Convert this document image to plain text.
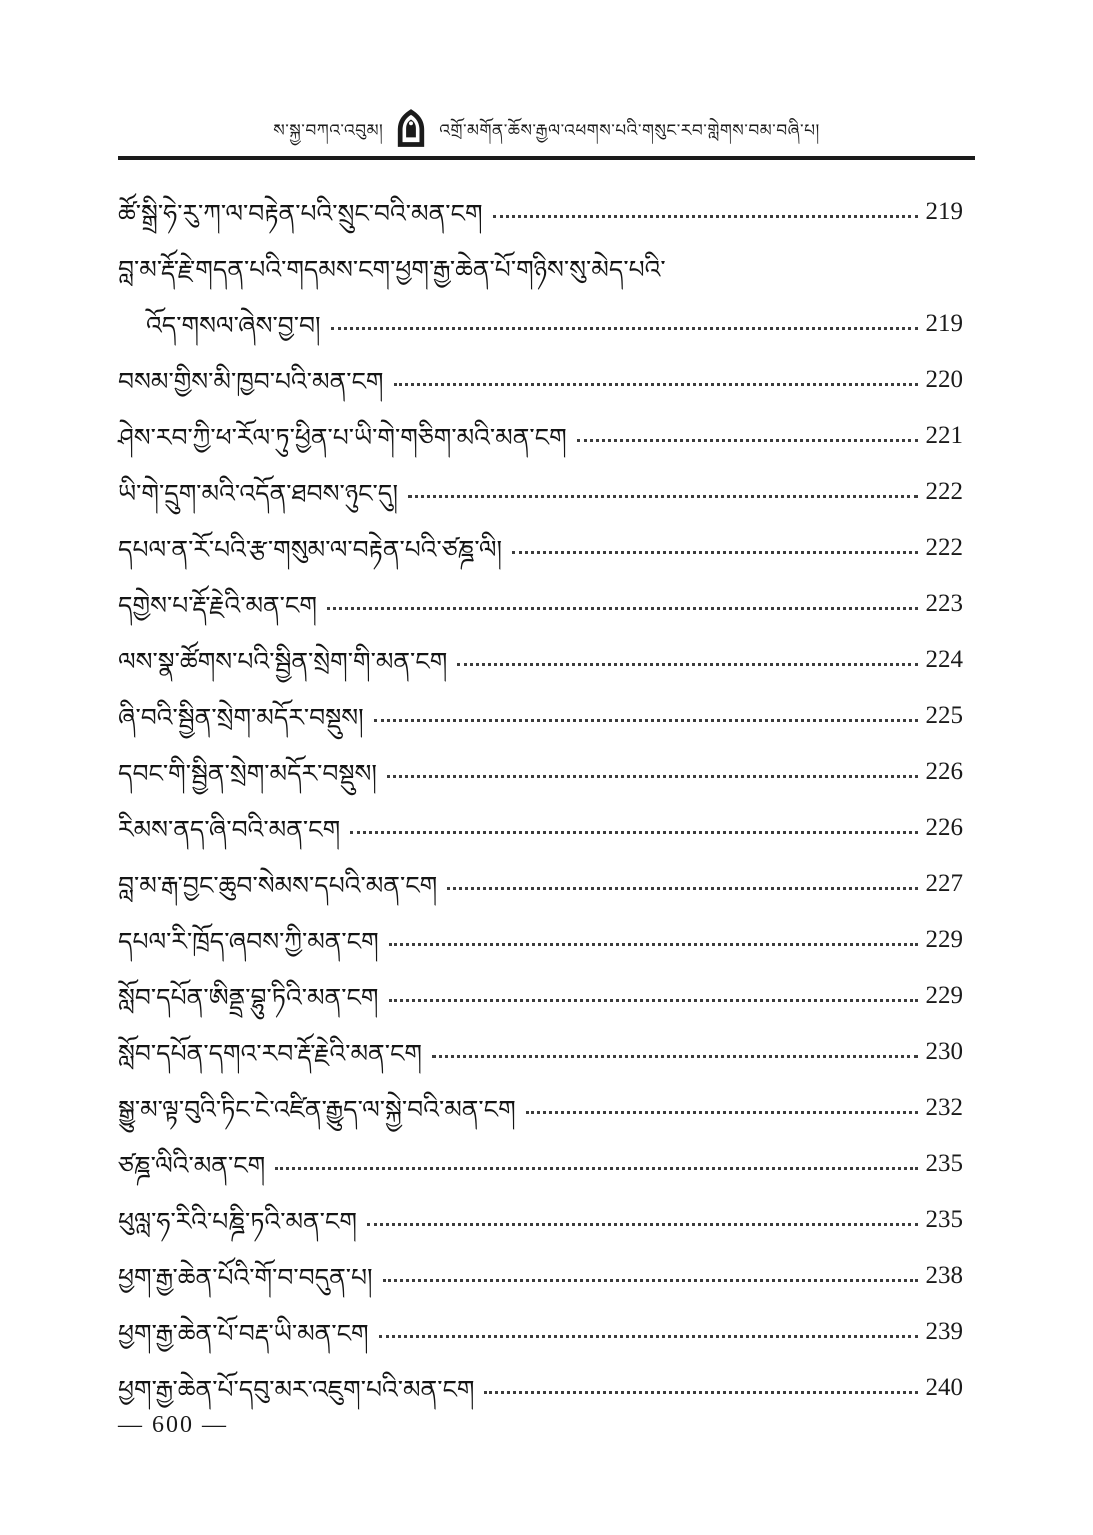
ས་སྐྱ་བཀའ་འབུམ།	འགྲོ་མགོན་ཆོས་རྒྱལ་འཕགས་པའི་གསུང་རབ་གླེགས་བམ་བཞི་པ།
ཚོ་སྒྲི་ཧེ་རུ་ཀ་ལ་བརྟེན་པའི་སྲུང་བའི་མན་ངག	219
བླ་མ་རྡོ་རྗེ་གདན་པའི་གདམས་ངག་ཕྱག་རྒྱ་ཆེན་པོ་གཉིས་སུ་མེད་པའི་
འོད་གསལ་ཞེས་བྱ་བ།	219
བསམ་གྱིས་མི་ཁྱབ་པའི་མན་ངག	220
ཤེས་རབ་ཀྱི་ཕ་རོལ་ཏུ་ཕྱིན་པ་ཡི་གེ་གཅིག་མའི་མན་ངག	221
ཡི་གེ་དྲུག་མའི་འདོན་ཐབས་ཉུང་དུ།	222
དཔལ་ན་རོ་པའི་རྩ་གསུམ་ལ་བརྟེན་པའི་ཙཎྜ་ལི།	222
དགྱེས་པ་རྡོ་རྗེའི་མན་ངག	223
ལས་སྣ་ཚོགས་པའི་སྦྱིན་སྲེག་གི་མན་ངག	224
ཞི་བའི་སྦྱིན་སྲེག་མདོར་བསྡུས།	225
དབང་གི་སྦྱིན་སྲེག་མདོར་བསྡུས།	226
རིམས་ནད་ཞི་བའི་མན་ངག	226
བླ་མ་རྒ་བྱང་ཆུབ་སེམས་དཔའི་མན་ངག	227
དཔལ་རི་ཁྲོད་ཞབས་ཀྱི་མན་ངག	229
སློབ་དཔོན་ཨིནྡྲ་བྷུ་ཏིའི་མན་ངག	229
སློབ་དཔོན་དགའ་རབ་རྡོ་རྗེའི་མན་ངག	230
སྒྱུ་མ་ལྟ་བུའི་ཏིང་ངེ་འཛིན་རྒྱུད་ལ་སྐྱེ་བའི་མན་ངག	232
ཙཎྜ་ལིའི་མན་ངག	235
ཕུལླ་ཧ་རིའི་པཎྜི་ཏའི་མན་ངག	235
ཕྱག་རྒྱ་ཆེན་པོའི་གོ་བ་བདུན་པ།	238
ཕྱག་རྒྱ་ཆེན་པོ་བརྡ་ཡི་མན་ངག	239
ཕྱག་རྒྱ་ཆེན་པོ་དབུ་མར་འཇུག་པའི་མན་ངག	240
— 600 —
